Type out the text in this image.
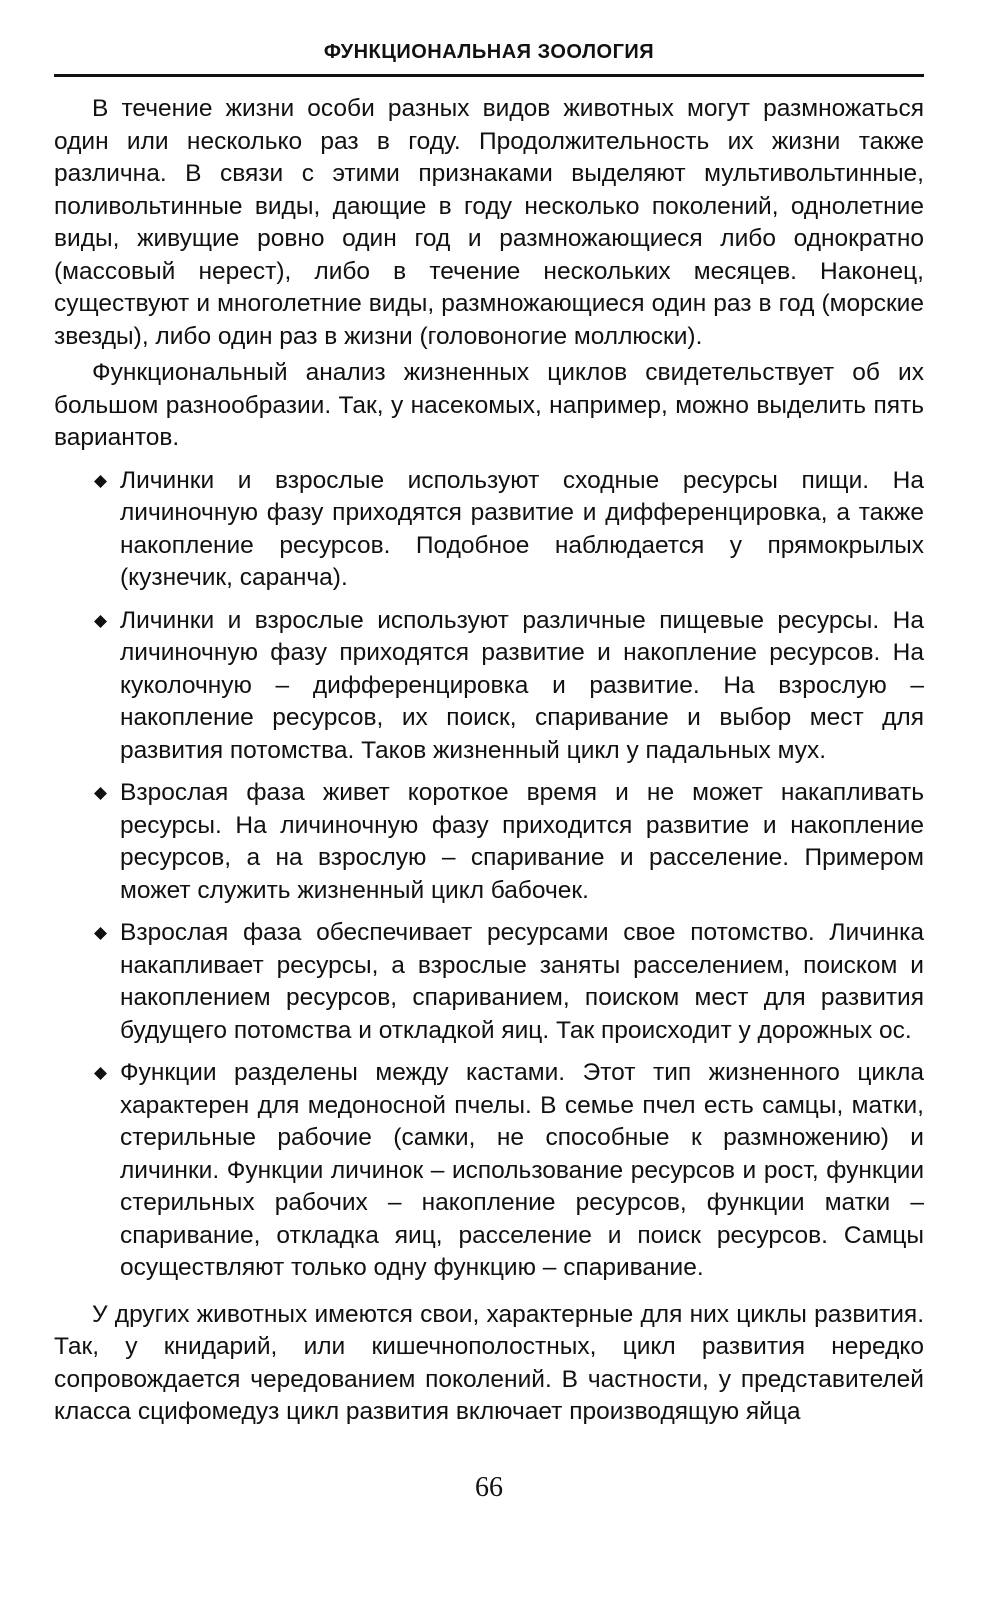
ФУНКЦИОНАЛЬНАЯ ЗООЛОГИЯ

В течение жизни особи разных видов животных могут размножаться один или несколько раз в году. Продолжительность их жизни также различна. В связи с этими признаками выделяют мультивольтинные, поливольтинные виды, дающие в году несколько поколений, однолетние виды, живущие ровно один год и размножающиеся либо однократно (массовый нерест), либо в течение нескольких месяцев. Наконец, существуют и многолетние виды, размножающиеся один раз в год (морские звезды), либо один раз в жизни (головоногие моллюски).

Функциональный анализ жизненных циклов свидетельствует об их большом разнообразии. Так, у насекомых, например, можно выделить пять вариантов.

Личинки и взрослые используют сходные ресурсы пищи. На личиночную фазу приходятся развитие и дифференцировка, а также накопление ресурсов. Подобное наблюдается у прямокрылых (кузнечик, саранча).
Личинки и взрослые используют различные пищевые ресурсы. На личиночную фазу приходятся развитие и накопление ресурсов. На куколочную – дифференцировка и развитие. На взрослую – накопление ресурсов, их поиск, спаривание и выбор мест для развития потомства. Таков жизненный цикл у падальных мух.
Взрослая фаза живет короткое время и не может накапливать ресурсы. На личиночную фазу приходится развитие и накопление ресурсов, а на взрослую – спаривание и расселение. Примером может служить жизненный цикл бабочек.
Взрослая фаза обеспечивает ресурсами свое потомство. Личинка накапливает ресурсы, а взрослые заняты расселением, поиском и накоплением ресурсов, спариванием, поиском мест для развития будущего потомства и откладкой яиц. Так происходит у дорожных ос.
Функции разделены между кастами. Этот тип жизненного цикла характерен для медоносной пчелы. В семье пчел есть самцы, матки, стерильные рабочие (самки, не способные к размножению) и личинки. Функции личинок – использование ресурсов и рост, функции стерильных рабочих – накопление ресурсов, функции матки – спаривание, откладка яиц, расселение и поиск ресурсов. Самцы осуществляют только одну функцию – спаривание.

У других животных имеются свои, характерные для них циклы развития. Так, у книдарий, или кишечнополостных, цикл развития нередко сопровождается чередованием поколений. В частности, у представителей класса сцифомедуз цикл развития включает производящую яйца

66
